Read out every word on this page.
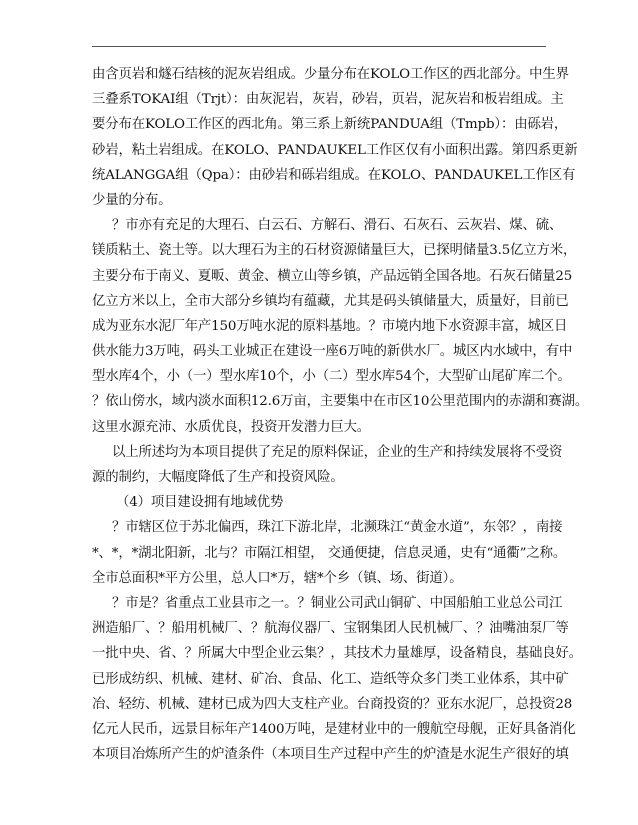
由含页岩和燧石结核的泥灰岩组成。少量分布在KOLO工作区的西北部分。中生界
三叠系TOKAI组（Trjt）：由灰泥岩，灰岩，砂岩，页岩，泥灰岩和板岩组成。主
要分布在KOLO工作区的西北角。第三系上新统PANDUA组（Tmpb）：由砾岩，
砂岩，粘土岩组成。在KOLO、PANDAUKEL工作区仅有小面积出露。第四系更新
统ALANGGA组（Qpa）：由砂岩和砾岩组成。在KOLO、PANDAUKEL工作区有
少量的分布。
？市亦有充足的大理石、白云石、方解石、滑石、石灰石、云灰岩、煤、硫、
镁质粘土、瓷土等。以大理石为主的石材资源储量巨大，已探明储量3.5亿立方米，
主要分布于南义、夏畈、黄金、横立山等乡镇，产品远销全国各地。石灰石储量25
亿立方米以上，全市大部分乡镇均有蕴藏，尤其是码头镇储量大，质量好，目前已
成为亚东水泥厂年产150万吨水泥的原料基地。？市境内地下水资源丰富，城区日
供水能力3万吨，码头工业城正在建设一座6万吨的新供水厂。城区内水域中，有中
型水库4个，小（一）型水库10个，小（二）型水库54个，大型矿山尾矿库二个。
？依山傍水，域内淡水面积12.6万亩，主要集中在市区10公里范围内的赤湖和赛湖。
这里水源充沛、水质优良，投资开发潜力巨大。
以上所述均为本项目提供了充足的原料保证，企业的生产和持续发展将不受资
源的制约，大幅度降低了生产和投资风险。
（4）项目建设拥有地域优势
？市辖区位于苏北偏西，珠江下游北岸，北濒珠江“黄金水道”，东邻？，南接
*、*，*湖北阳新，北与？市隔江相望， 交通便捷，信息灵通，史有“通衢”之称。
全市总面积*平方公里，总人口*万，辖*个乡（镇、场、街道）。
？市是？省重点工业县市之一。？铜业公司武山铜矿、中国船舶工业总公司江
洲造船厂、？船用机械厂、？航海仪器厂、宝钢集团人民机械厂、？油嘴油泵厂等
一批中央、省、？所属大中型企业云集？，其技术力量雄厚，设备精良，基础良好。
已形成纺织、机械、建材、矿冶、食品、化工、造纸等众多门类工业体系，其中矿
冶、轻纺、机械、建材已成为四大支柱产业。台商投资的？亚东水泥厂，总投资28
亿元人民币，远景目标年产1400万吨，是建材业中的一艘航空母舰，正好具备消化
本项目冶炼所产生的炉渣条件（本项目生产过程中产生的炉渣是水泥生产很好的填
